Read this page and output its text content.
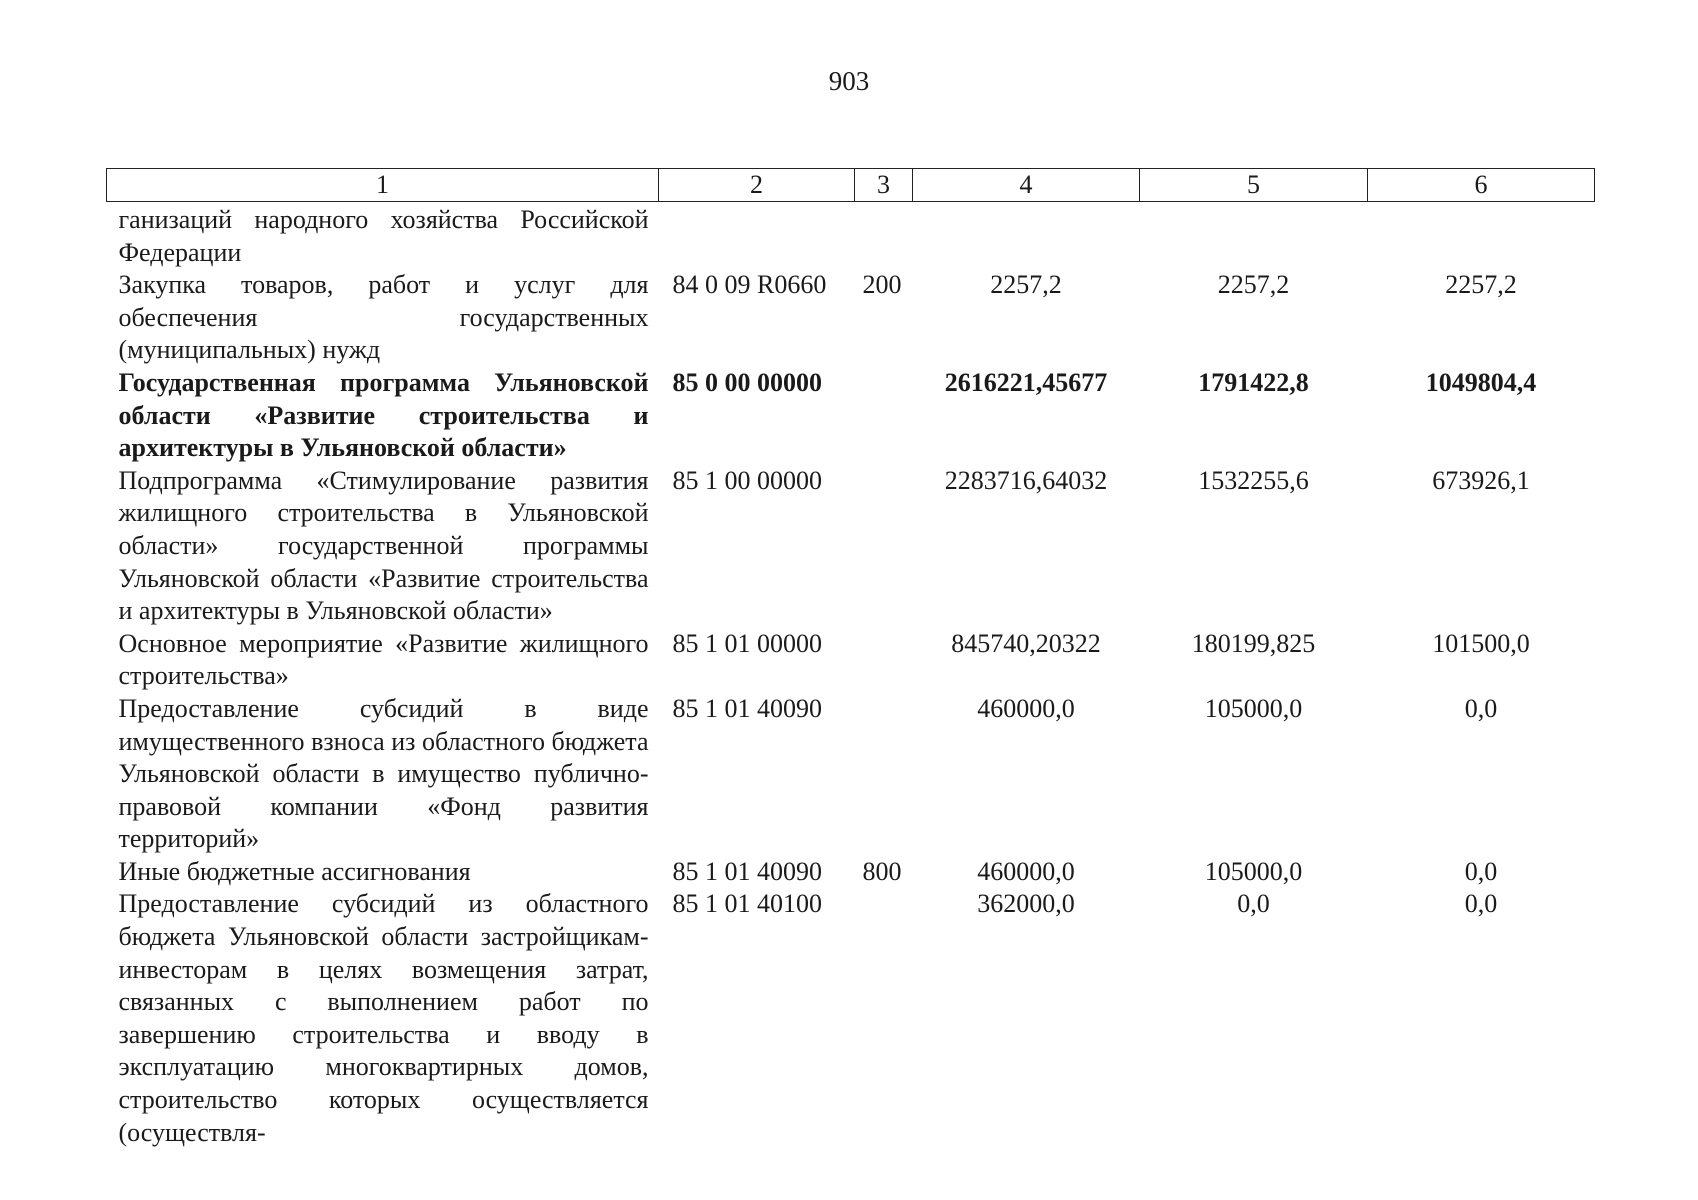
903
1	2	3	4	5	6
ганизаций народного хозяйства Российской Федерации					
Закупка товаров, работ и услуг для обеспечения государственных (муниципальных) нужд	84 0 09 R0660	200	2257,2	2257,2	2257,2
Государственная программа Ульяновской области «Развитие строительства и архитектуры в Ульяновской области»	85 0 00 00000		2616221,45677	1791422,8	1049804,4
Подпрограмма «Стимулирование развития жилищного строительства в Ульяновской области» государственной программы Ульяновской области «Развитие строительства и архитектуры в Ульяновской области»	85 1 00 00000		2283716,64032	1532255,6	673926,1
Основное мероприятие «Развитие жилищного строительства»	85 1 01 00000		845740,20322	180199,825	101500,0
Предоставление субсидий в виде имущественного взноса из областного бюджета Ульяновской области в имущество публично-правовой компании «Фонд развития территорий»	85 1 01 40090		460000,0	105000,0	0,0
Иные бюджетные ассигнования	85 1 01 40090	800	460000,0	105000,0	0,0
Предоставление субсидий из областного бюджета Ульяновской области застройщикам-инвесторам в целях возмещения затрат, связанных с выполнением работ по завершению строительства и вводу в эксплуатацию многоквартирных домов, строительство которых осуществляется (осуществля-	85 1 01 40100		362000,0	0,0	0,0
